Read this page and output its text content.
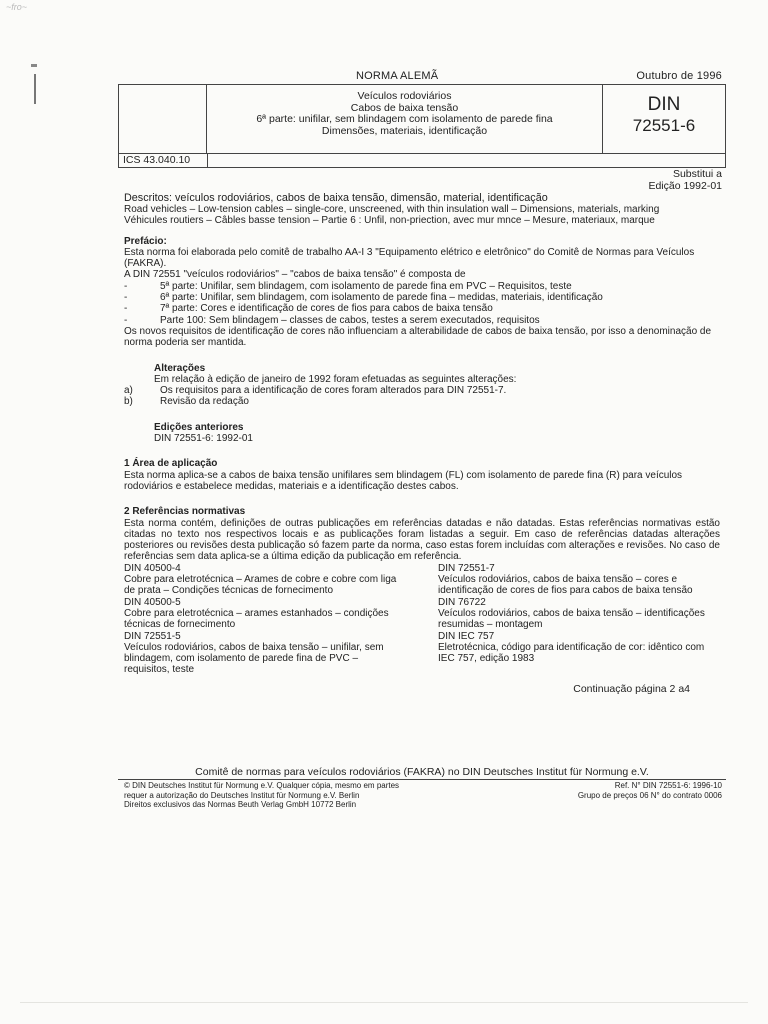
~fro~
NORMA ALEMÃ	Outubro de 1996
Veículos rodoviários
Cabos de baixa tensão
6ª parte: unifilar, sem blindagem com isolamento de parede fina
Dimensões, materiais, identificação
DIN
72551-6
ICS 43.040.10
Substitui a
Edição 1992-01
Descritos: veículos rodoviários, cabos de baixa tensão, dimensão, material, identificação
Road vehicles – Low-tension cables – single-core, unscreened, with thin insulation wall – Dimensions, materials, marking
Véhicules routiers – Câbles basse tension – Partie 6 : Unfil, non-priection, avec mur mnce – Mesure, materiaux, marque
Prefácio:
Esta norma foi elaborada pelo comitê de trabalho AA-I 3 "Equipamento elétrico e eletrônico" do Comitê de Normas para Veículos (FAKRA).
A DIN 72551 "veículos rodoviários" – "cabos de baixa tensão" é composta de
-	5ª parte: Unifilar, sem blindagem, com isolamento de parede fina em PVC – Requisitos, teste
-	6ª parte: Unifilar, sem blindagem, com isolamento de parede fina – medidas, materiais, identificação
-	7ª parte: Cores e identificação de cores de fios para cabos de baixa tensão
-	Parte 100: Sem blindagem – classes de cabos, testes a serem executados, requisitos
Os novos requisitos de identificação de cores não influenciam a alterabilidade de cabos de baixa tensão, por isso a denominação de norma poderia ser mantida.
Alterações
Em relação à edição de janeiro de 1992 foram efetuadas as seguintes alterações:
a)	Os requisitos para a identificação de cores foram alterados para DIN 72551-7.
b)	Revisão da redação
Edições anteriores
DIN 72551-6: 1992-01
1 Área de aplicação
Esta norma aplica-se a cabos de baixa tensão unifilares sem blindagem (FL) com isolamento de parede fina (R) para veículos rodoviários e estabelece medidas, materiais e a identificação destes cabos.
2 Referências normativas
Esta norma contém, definições de outras publicações em referências datadas e não datadas. Estas referências normativas estão citadas no texto nos respectivos locais e as publicações foram listadas a seguir. Em caso de referências datadas alterações posteriores ou revisões desta publicação só fazem parte da norma, caso estas forem incluídas com alterações e revisões. No caso de referências sem data aplica-se a última edição da publicação em referência.
DIN 40500-4
Cobre para eletrotécnica – Arames de cobre e cobre com liga de prata – Condições técnicas de fornecimento
DIN 40500-5
Cobre para eletrotécnica – arames estanhados – condições técnicas de fornecimento
DIN 72551-5
Veículos rodoviários, cabos de baixa tensão – unifilar, sem blindagem, com isolamento de parede fina de PVC – requisitos, teste
DIN 72551-7
Veículos rodoviários, cabos de baixa tensão – cores e identificação de cores de fios para cabos de baixa tensão
DIN 76722
Veículos rodoviários, cabos de baixa tensão – identificações resumidas – montagem
DIN IEC 757
Eletrotécnica, código para identificação de cor: idêntico com IEC 757, edição 1983
Continuação página 2 a4
Comitê de normas para veículos rodoviários (FAKRA) no DIN Deutsches Institut für Normung e.V.
© DIN Deutsches Institut für Normung e.V. Qualquer cópia, mesmo em partes
requer a autorização do Deutsches Institut für Normung e.V. Berlin
Direitos exclusivos das Normas Beuth Verlag GmbH 10772 Berlin
Ref. N° DIN 72551-6: 1996-10
Grupo de preços 06 N° do contrato 0006
